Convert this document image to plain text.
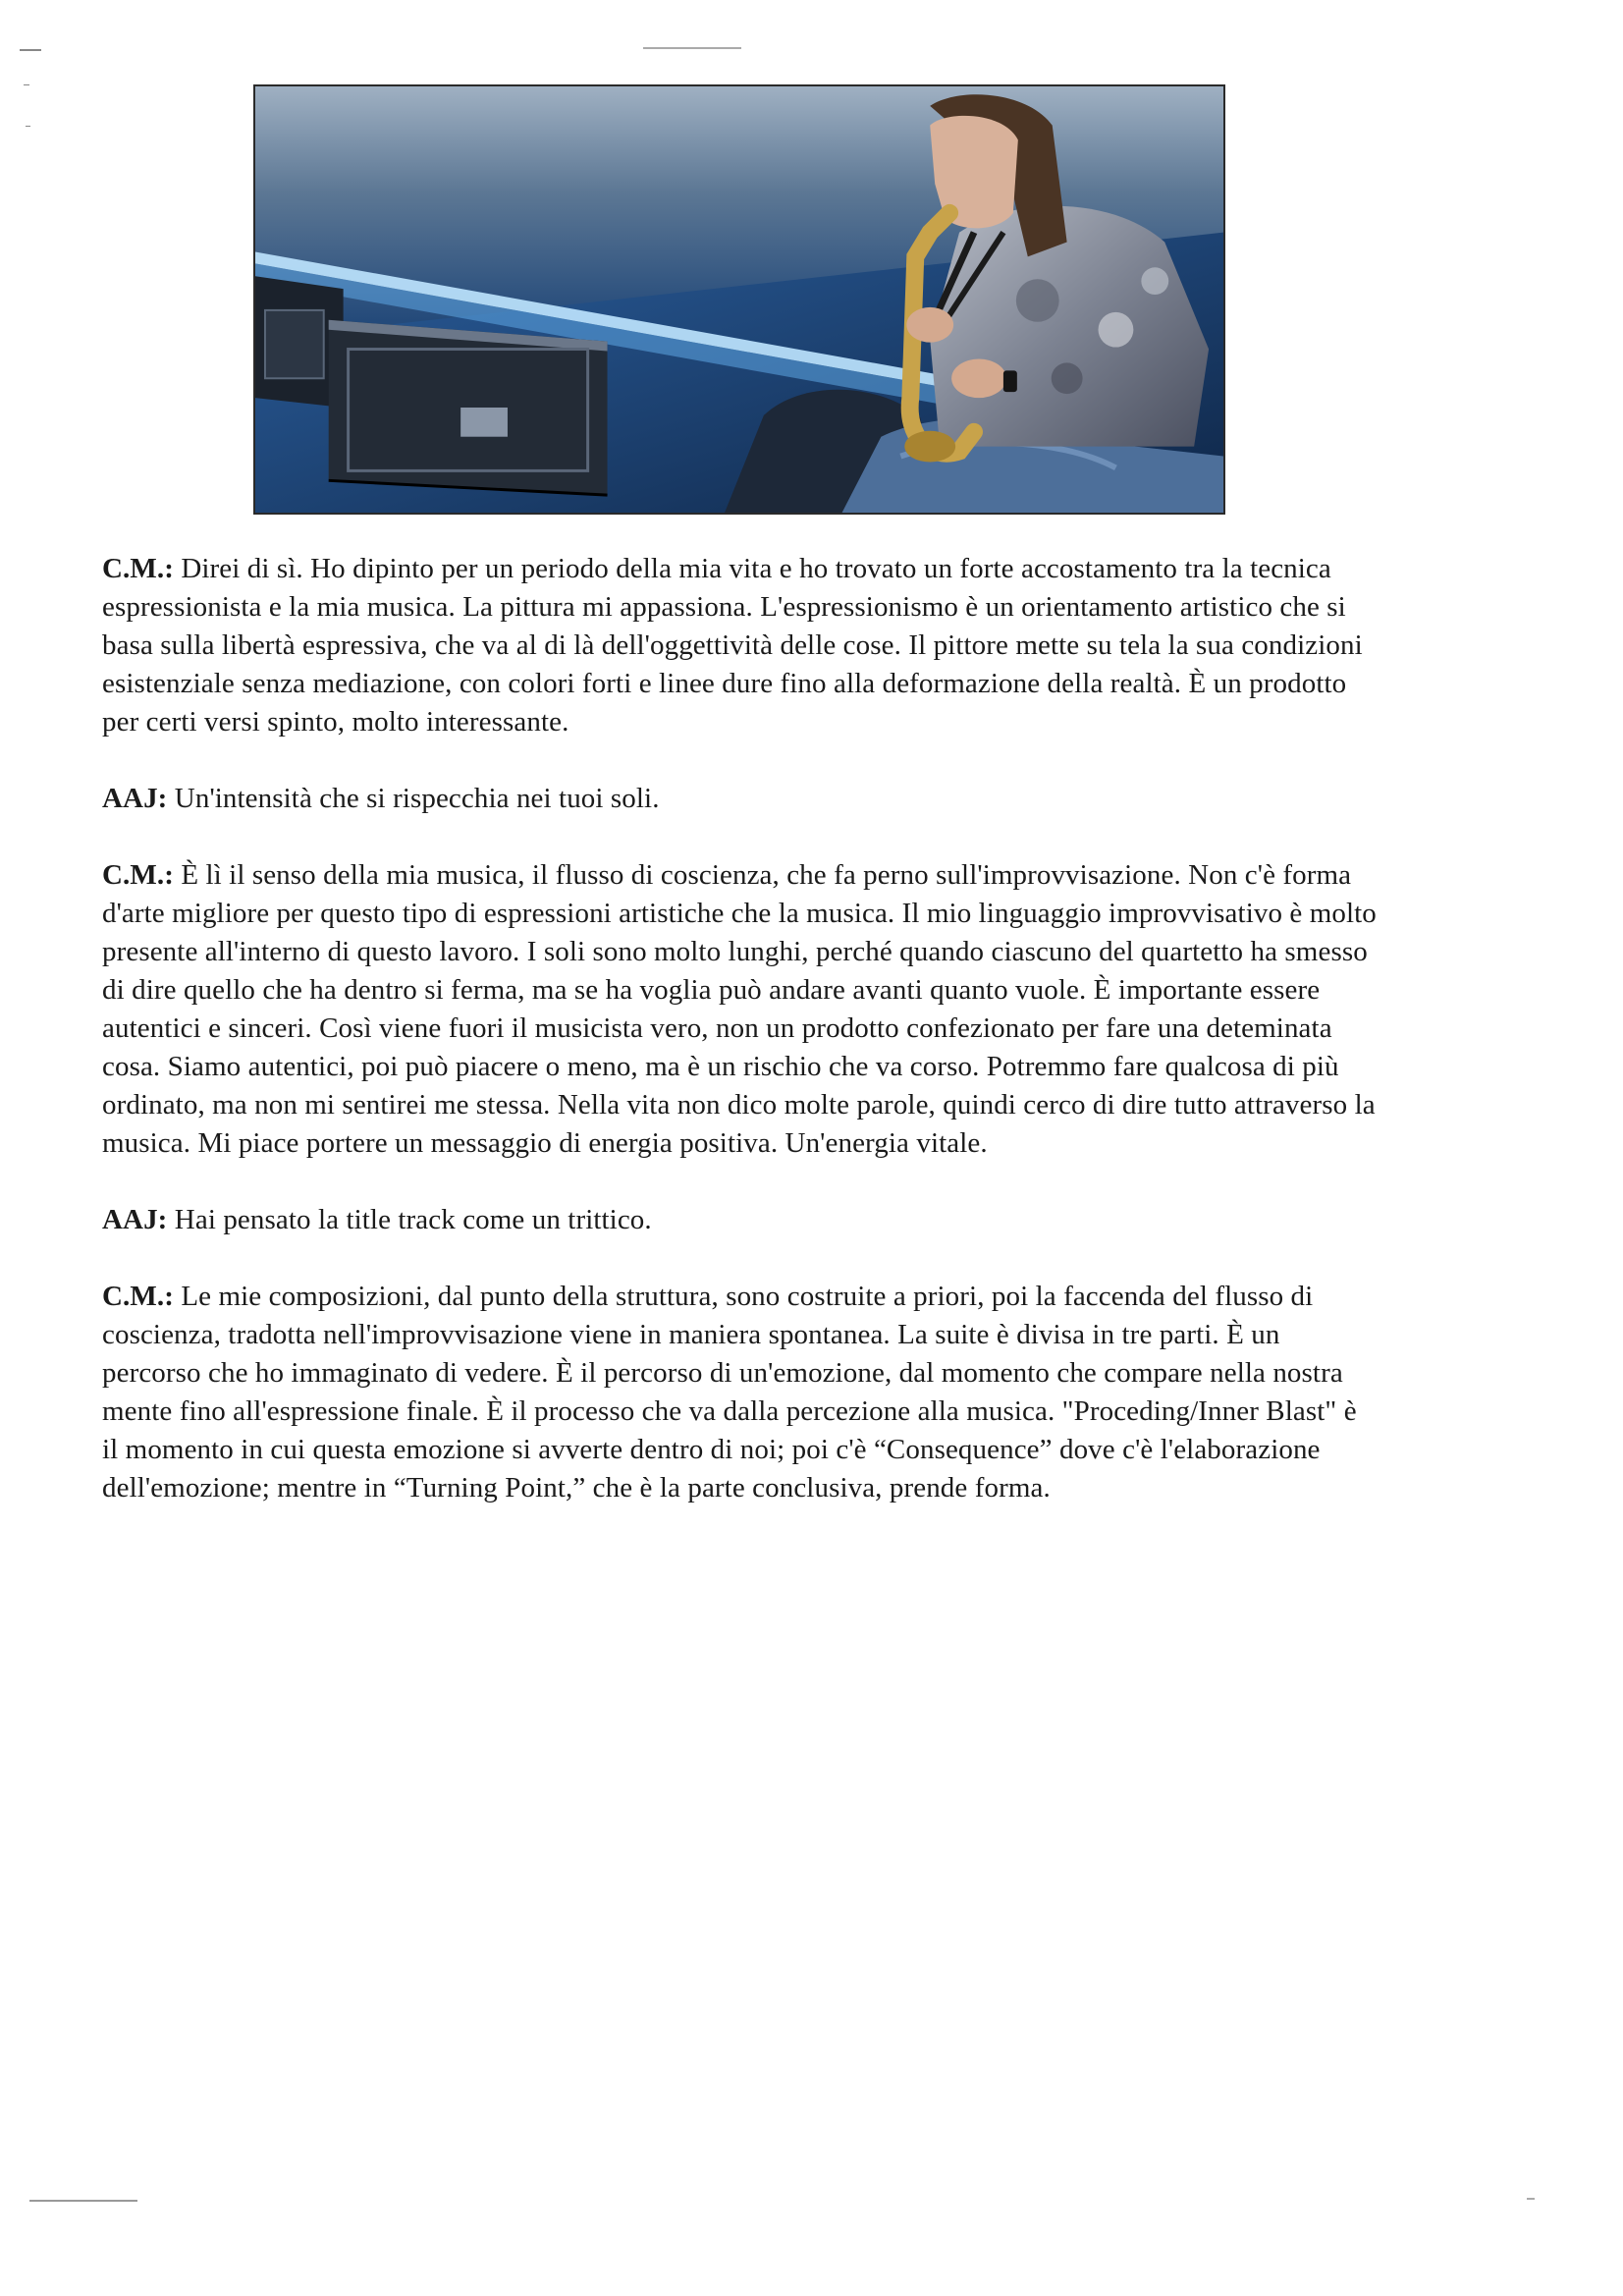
C.M.: Direi di sì. Ho dipinto per un periodo della mia vita e ho trovato un forte accostamento tra la tecnica espressionista e la mia musica. La pittura mi appassiona. L'espressionismo è un orientamento artistico che si basa sulla libertà espressiva, che va al di là dell'oggettività delle cose. Il pittore mette su tela la sua condizioni esistenziale senza mediazione, con colori forti e linee dure fino alla deformazione della realtà. È un prodotto per certi versi spinto, molto interessante.

AAJ: Un'intensità che si rispecchia nei tuoi soli.

C.M.: È lì il senso della mia musica, il flusso di coscienza, che fa perno sull'improvvisazione. Non c'è forma d'arte migliore per questo tipo di espressioni artistiche che la musica. Il mio linguaggio improvvisativo è molto presente all'interno di questo lavoro. I soli sono molto lunghi, perché quando ciascuno del quartetto ha smesso di dire quello che ha dentro si ferma, ma se ha voglia può andare avanti quanto vuole. È importante essere autentici e sinceri. Così viene fuori il musicista vero, non un prodotto confezionato per fare una deteminata cosa. Siamo autentici, poi può piacere o meno, ma è un rischio che va corso. Potremmo fare qualcosa di più ordinato, ma non mi sentirei me stessa. Nella vita non dico molte parole, quindi cerco di dire tutto attraverso la musica. Mi piace portere un messaggio di energia positiva. Un'energia vitale.

AAJ: Hai pensato la title track come un trittico.

C.M.: Le mie composizioni, dal punto della struttura, sono costruite a priori, poi la faccenda del flusso di coscienza, tradotta nell'improvvisazione viene in maniera spontanea. La suite è divisa in tre parti. È un percorso che ho immaginato di vedere. È il percorso di un'emozione, dal momento che compare nella nostra mente fino all'espressione finale. È il processo che va dalla percezione alla musica. "Proceding/Inner Blast" è il momento in cui questa emozione si avverte dentro di noi; poi c'è “Consequence” dove c'è l'elaborazione dell'emozione; mentre in “Turning Point,” che è la parte conclusiva, prende forma.
